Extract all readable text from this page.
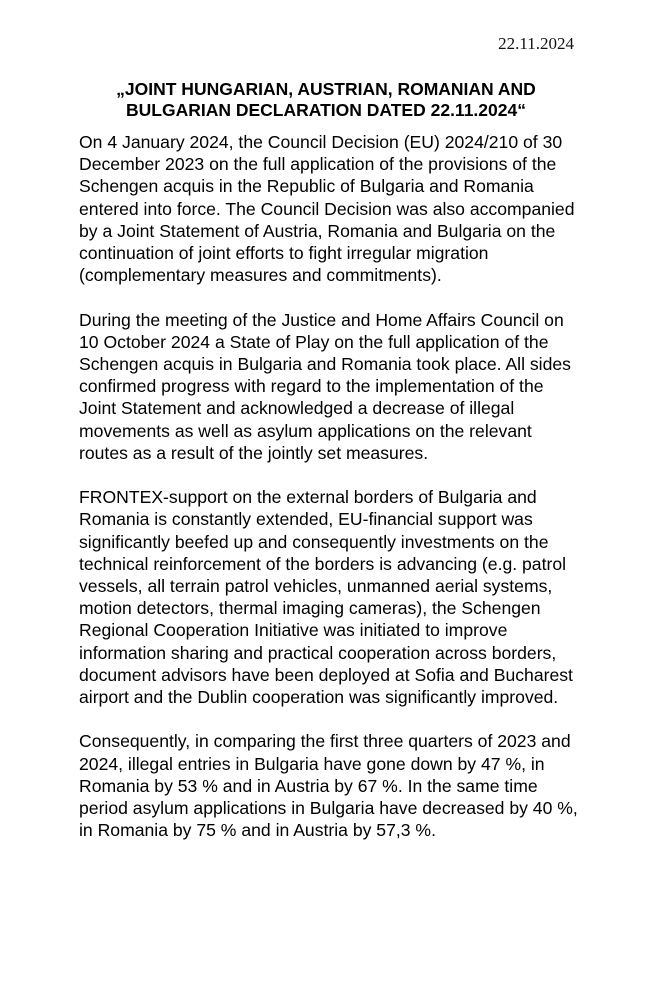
22.11.2024
„JOINT HUNGARIAN, AUSTRIAN, ROMANIAN AND
BULGARIAN DECLARATION DATED 22.11.2024“

On 4 January 2024, the Council Decision (EU) 2024/210 of 30 December 2023 on the full application of the provisions of the Schengen acquis in the Republic of Bulgaria and Romania entered into force. The Council Decision was also accompanied by a Joint Statement of Austria, Romania and Bulgaria on the continuation of joint efforts to fight irregular migration (complementary measures and commitments).

During the meeting of the Justice and Home Affairs Council on 10 October 2024 a State of Play on the full application of the Schengen acquis in Bulgaria and Romania took place. All sides confirmed progress with regard to the implementation of the Joint Statement and acknowledged a decrease of illegal movements as well as asylum applications on the relevant routes as a result of the jointly set measures.

FRONTEX-support on the external borders of Bulgaria and Romania is constantly extended, EU-financial support was significantly beefed up and consequently investments on the technical reinforcement of the borders is advancing (e.g. patrol vessels, all terrain patrol vehicles, unmanned aerial systems, motion detectors, thermal imaging cameras), the Schengen Regional Cooperation Initiative was initiated to improve information sharing and practical cooperation across borders, document advisors have been deployed at Sofia and Bucharest airport and the Dublin cooperation was significantly improved.

Consequently, in comparing the first three quarters of 2023 and 2024, illegal entries in Bulgaria have gone down by 47 %, in Romania by 53 % and in Austria by 67 %. In the same time period asylum applications in Bulgaria have decreased by 40 %, in Romania by 75 % and in Austria by 57,3 %.
